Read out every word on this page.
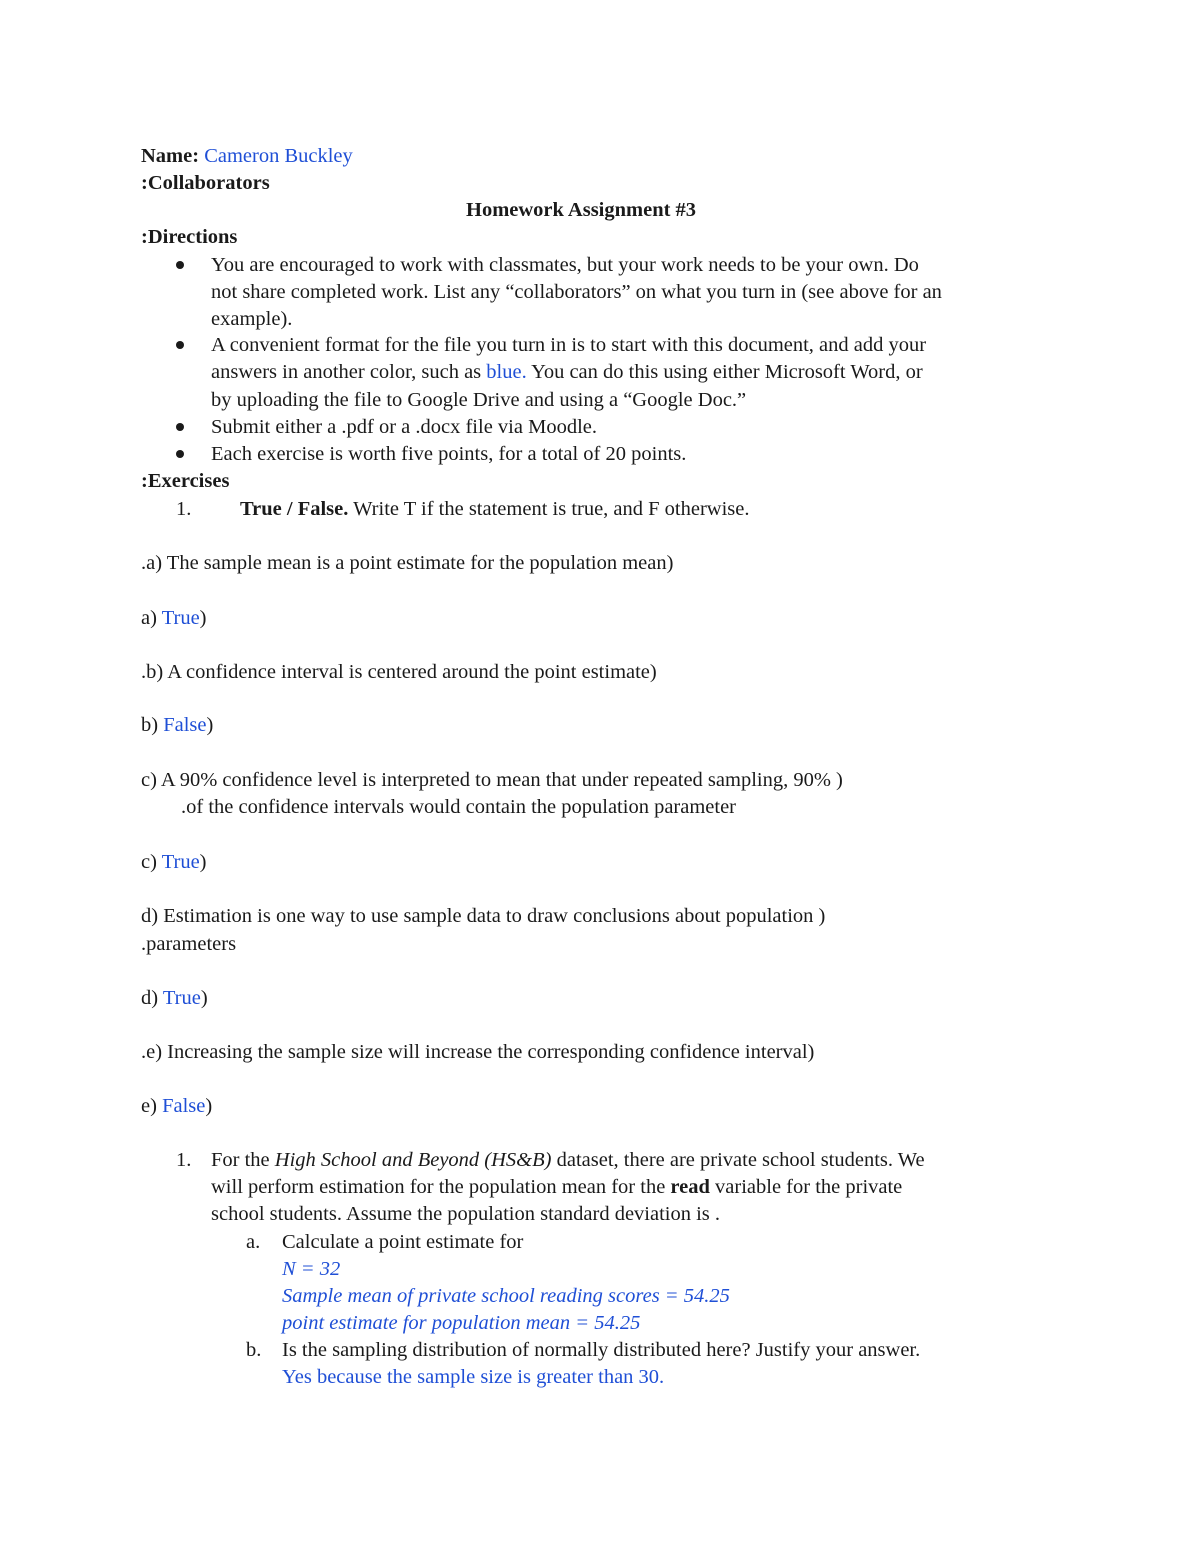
Name: Cameron Buckley
:Collaborators
Homework Assignment #3
:Directions
You are encouraged to work with classmates, but your work needs to be your own. Do
not share completed work. List any “collaborators” on what you turn in (see above for an
example).
A convenient format for the file you turn in is to start with this document, and add your
answers in another color, such as blue. You can do this using either Microsoft Word, or
by uploading the file to Google Drive and using a “Google Doc.”
Submit either a .pdf or a .docx file via Moodle.
Each exercise is worth five points, for a total of 20 points.
:Exercises
1. True / False. Write T if the statement is true, and F otherwise.
.a) The sample mean is a point estimate for the population mean)
a) True)
.b) A confidence interval is centered around the point estimate)
b) False)
c) A 90% confidence level is interpreted to mean that under repeated sampling, 90% )
.of the confidence intervals would contain the population parameter
c) True)
d) Estimation is one way to use sample data to draw conclusions about population )
.parameters
d) True)
.e) Increasing the sample size will increase the corresponding confidence interval)
e) False)
1. For the High School and Beyond (HS&B) dataset, there are private school students. We
will perform estimation for the population mean for the read variable for the private
school students. Assume the population standard deviation is .
a. Calculate a point estimate for
N = 32
Sample mean of private school reading scores = 54.25
point estimate for population mean = 54.25
b. Is the sampling distribution of normally distributed here? Justify your answer.
Yes because the sample size is greater than 30.
